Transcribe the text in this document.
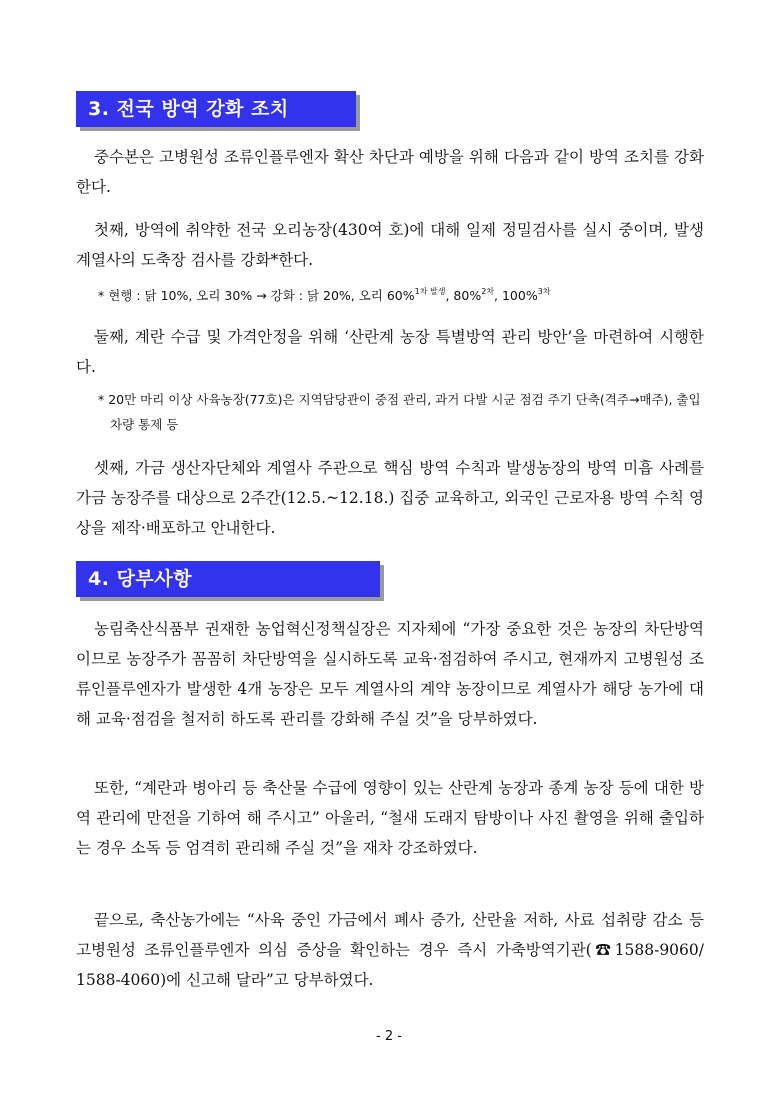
3. 전국 방역 강화 조치

중수본은 고병원성 조류인플루엔자 확산 차단과 예방을 위해 다음과 같이 방역 조치를 강화한다.

첫째, 방역에 취약한 전국 오리농장(430여 호)에 대해 일제 정밀검사를 실시 중이며, 발생 계열사의 도축장 검사를 강화*한다.

* 현행 : 닭 10%, 오리 30% → 강화 : 닭 20%, 오리 60%$^{1차 발생}$, 80%$^{2차}$, 100%$^{3차}$

둘째, 계란 수급 및 가격안정을 위해 ‘산란계 농장 특별방역 관리 방안’을 마련하여 시행한다.

* 20만 마리 이상 사육농장(77호)은 지역담당관이 중점 관리, 과거 다발 시군 점검 주기 단축(격주→매주), 출입 차량 통제 등

셋째, 가금 생산자단체와 계열사 주관으로 핵심 방역 수칙과 발생농장의 방역 미흡 사례를 가금 농장주를 대상으로 2주간(12.5.~12.18.) 집중 교육하고, 외국인 근로자용 방역 수칙 영상을 제작·배포하고 안내한다.

4. 당부사항

농림축산식품부 권재한 농업혁신정책실장은 지자체에 “가장 중요한 것은 농장의 차단방역이므로 농장주가 꼼꼼히 차단방역을 실시하도록 교육·점검하여 주시고, 현재까지 고병원성 조류인플루엔자가 발생한 4개 농장은 모두 계열사의 계약 농장이므로 계열사가 해당 농가에 대해 교육·점검을 철저히 하도록 관리를 강화해 주실 것”을 당부하였다.

또한, “계란과 병아리 등 축산물 수급에 영향이 있는 산란계 농장과 종계 농장 등에 대한 방역 관리에 만전을 기하여 해 주시고” 아울러, “철새 도래지 탐방이나 사진 촬영을 위해 출입하는 경우 소독 등 엄격히 관리해 주실 것”을 재차 강조하였다.

끝으로, 축산농가에는 “사육 중인 가금에서 폐사 증가, 산란율 저하, 사료 섭취량 감소 등 고병원성 조류인플루엔자 의심 증상을 확인하는 경우 즉시 가축방역기관(☎1588-9060/ 1588-4060)에 신고해 달라”고 당부하였다.

- 2 -
